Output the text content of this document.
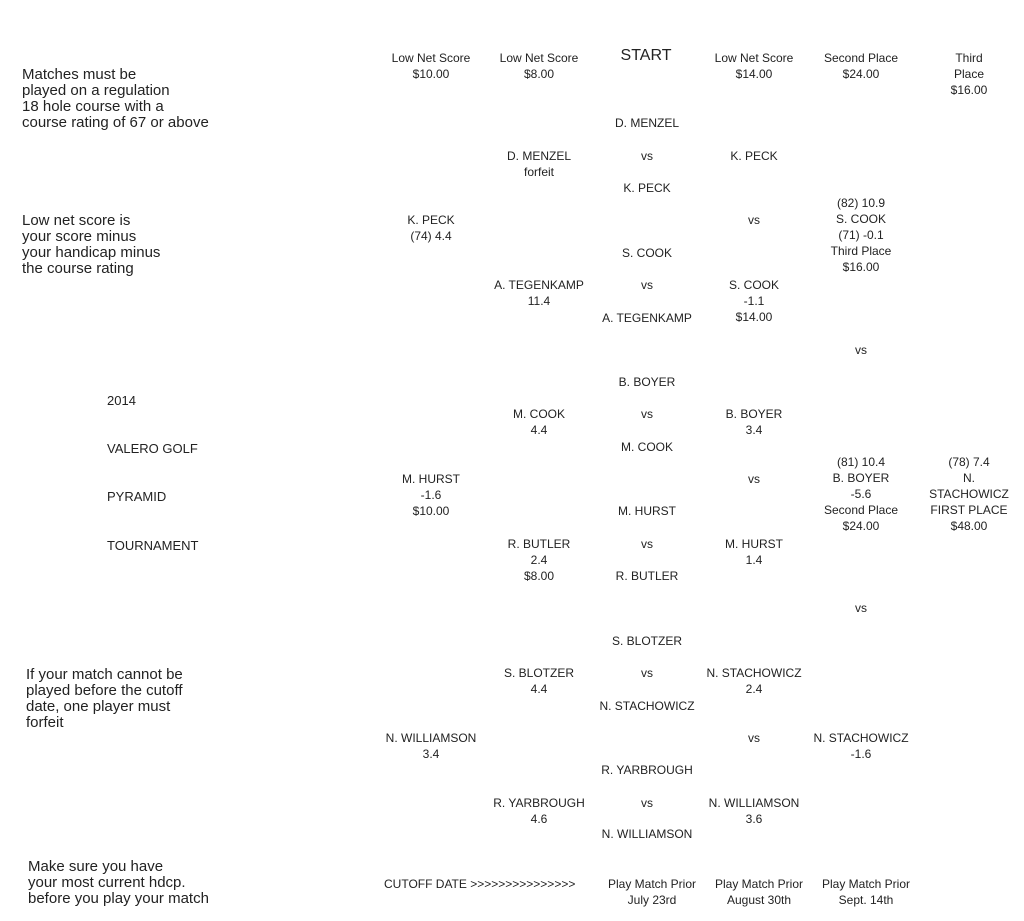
Matches must be
played on a regulation
18 hole course with a
course rating of 67 or above
Low net score is
your score minus
your handicap minus
the course rating
2014
VALERO GOLF
PYRAMID
TOURNAMENT
If your match cannot be
played before the cutoff
date, one player must
forfeit
Make sure you have
your most current hdcp.
before you play your match
Low Net Score
$10.00
Low Net Score
$8.00
START	Low Net Score
$14.00
Second Place
$24.00
Third Place
$16.00
D. MENZEL
D. MENZEL
forfeit
vs	K. PECK
K. PECK
K. PECK
(74) 4.4
vs
(82) 10.9
S. COOK
(71) -0.1
Third Place
$16.00
S. COOK
A. TEGENKAMP
11.4
vs	S. COOK
-1.1
$14.00
A. TEGENKAMP
vs
B. BOYER
M. COOK
4.4
vs	B. BOYER
3.4
M. COOK
(81) 10.4
B. BOYER
-5.6
Second Place
$24.00
(78) 7.4
N. STACHOWICZ
FIRST PLACE
$48.00
M. HURST
-1.6
$10.00
vs
M. HURST
R. BUTLER
2.4
$8.00
vs	M. HURST
1.4
R. BUTLER
vs
S. BLOTZER
S. BLOTZER
4.4
vs	N. STACHOWICZ
2.4
N. STACHOWICZ
N. WILLIAMSON
3.4
vs	N. STACHOWICZ
-1.6
R. YARBROUGH
R. YARBROUGH
4.6
vs	N. WILLIAMSON
3.6
N. WILLIAMSON
CUTOFF DATE >>>>>>>>>>>>>>>	Play Match Prior
July 23rd
Play Match Prior
August 30th
Play Match Prior
Sept. 14th
